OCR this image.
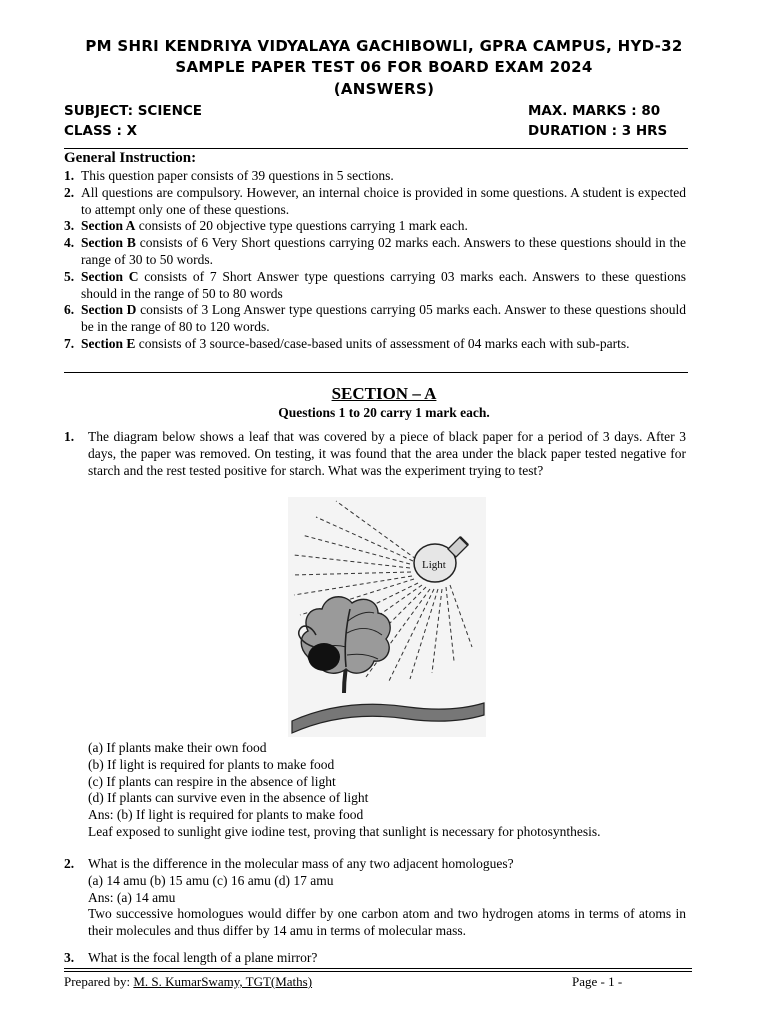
PM SHRI KENDRIYA VIDYALAYA GACHIBOWLI, GPRA CAMPUS, HYD-32
SAMPLE PAPER TEST 06 FOR BOARD EXAM 2024
(ANSWERS)
SUBJECT: SCIENCE	MAX. MARKS : 80
CLASS : X	DURATION : 3 HRS
General Instruction:
1. This question paper consists of 39 questions in 5 sections.
2. All questions are compulsory. However, an internal choice is provided in some questions. A student is expected to attempt only one of these questions.
3. Section A consists of 20 objective type questions carrying 1 mark each.
4. Section B consists of 6 Very Short questions carrying 02 marks each. Answers to these questions should in the range of 30 to 50 words.
5. Section C consists of 7 Short Answer type questions carrying 03 marks each. Answers to these questions should in the range of 50 to 80 words
6. Section D consists of 3 Long Answer type questions carrying 05 marks each. Answer to these questions should be in the range of 80 to 120 words.
7. Section E consists of 3 source-based/case-based units of assessment of 04 marks each with sub-parts.
SECTION – A
Questions 1 to 20 carry 1 mark each.
1. The diagram below shows a leaf that was covered by a piece of black paper for a period of 3 days. After 3 days, the paper was removed. On testing, it was found that the area under the black paper tested negative for starch and the rest tested positive for starch. What was the experiment trying to test?
Light
(a) If plants make their own food
(b) If light is required for plants to make food
(c) If plants can respire in the absence of light
(d) If plants can survive even in the absence of light
Ans: (b) If light is required for plants to make food
Leaf exposed to sunlight give iodine test, proving that sunlight is necessary for photosynthesis.
2. What is the difference in the molecular mass of any two adjacent homologues?
(a) 14 amu (b) 15 amu (c) 16 amu (d) 17 amu
Ans: (a) 14 amu
Two successive homologues would differ by one carbon atom and two hydrogen atoms in terms of atoms in their molecules and thus differ by 14 amu in terms of molecular mass.
3. What is the focal length of a plane mirror?
Prepared by: M. S. KumarSwamy, TGT(Maths)	Page - 1 -
